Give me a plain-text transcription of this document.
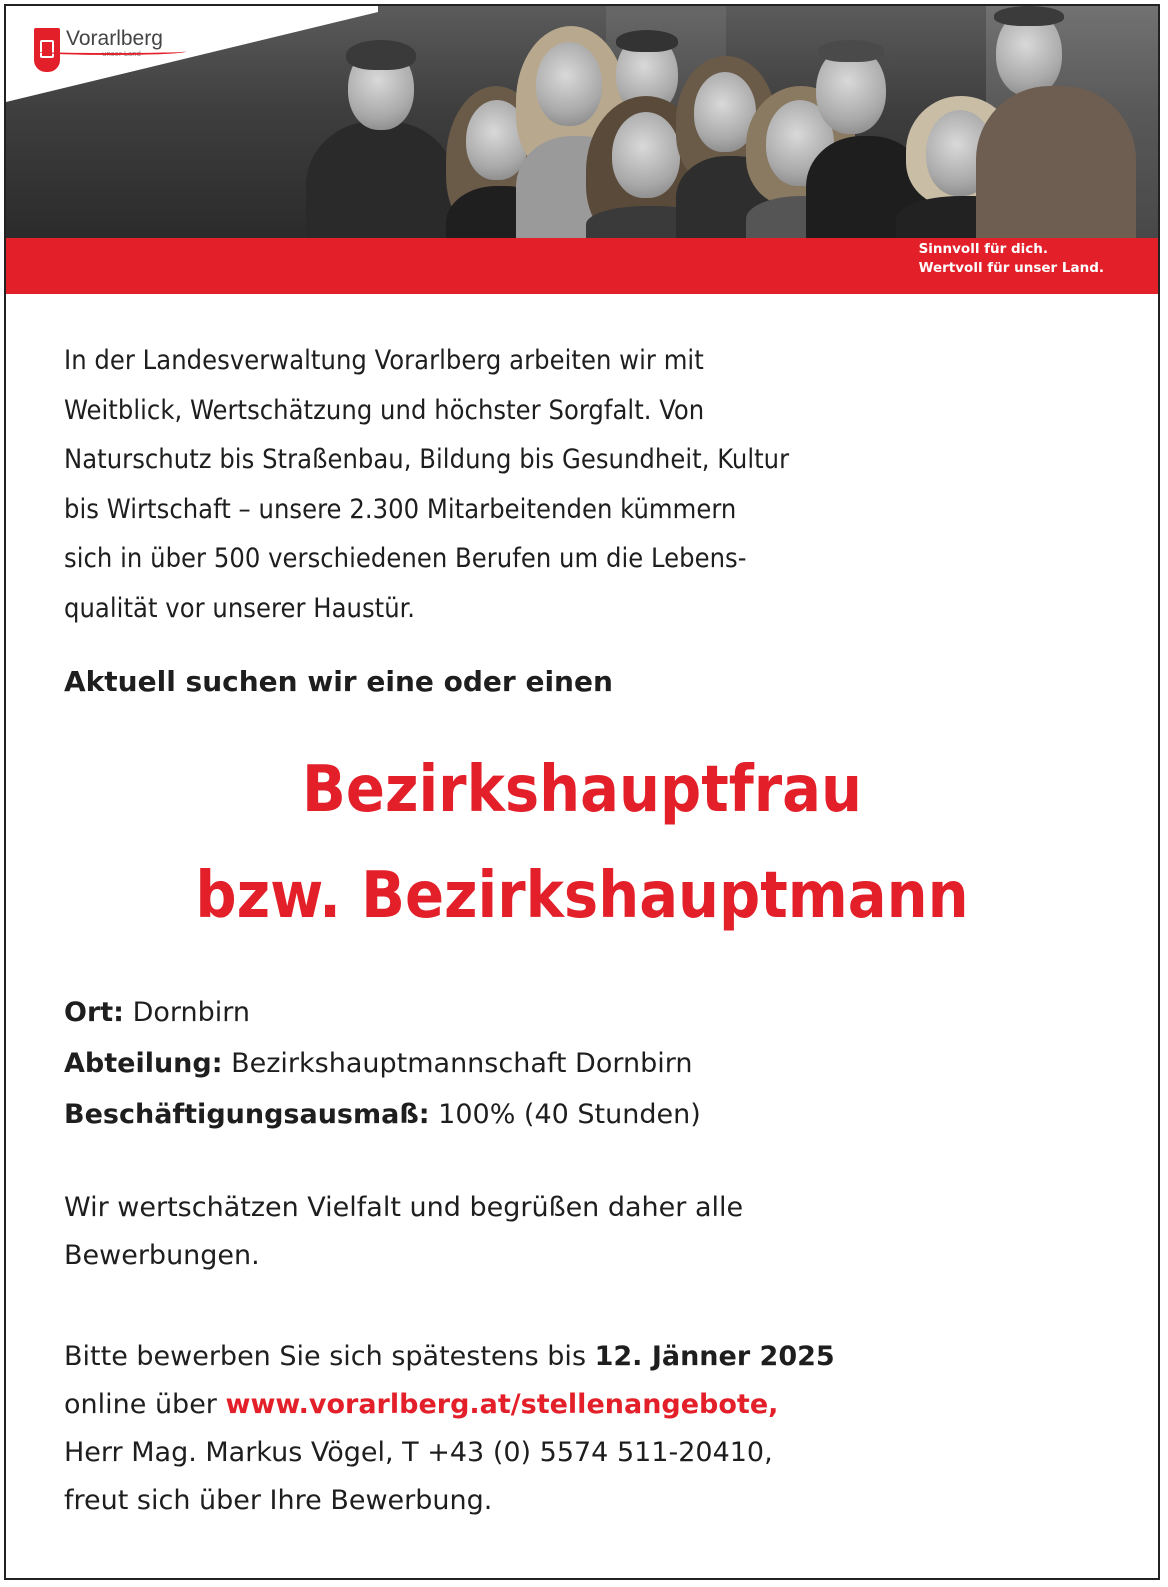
Vorarlberg
unser Land
Sinnvoll für dich.
Wertvoll für unser Land.

In der Landesverwaltung Vorarlberg arbeiten wir mit
Weitblick, Wertschätzung und höchster Sorgfalt. Von
Naturschutz bis Straßenbau, Bildung bis Gesundheit, Kultur
bis Wirtschaft – unsere 2.300 Mitarbeitenden kümmern
sich in über 500 verschiedenen Berufen um die Lebens-
qualität vor unserer Haustür.

Aktuell suchen wir eine oder einen

Bezirkshauptfrau
bzw. Bezirkshauptmann
Ort: Dornbirn
Abteilung: Bezirkshauptmannschaft Dornbirn
Beschäftigungsausmaß: 100% (40 Stunden)

Wir wertschätzen Vielfalt und begrüßen daher alle
Bewerbungen.

Bitte bewerben Sie sich spätestens bis 12. Jänner 2025
online über www.vorarlberg.at/stellenangebote,
Herr Mag. Markus Vögel, T +43 (0) 5574 511-20410,
freut sich über Ihre Bewerbung.
